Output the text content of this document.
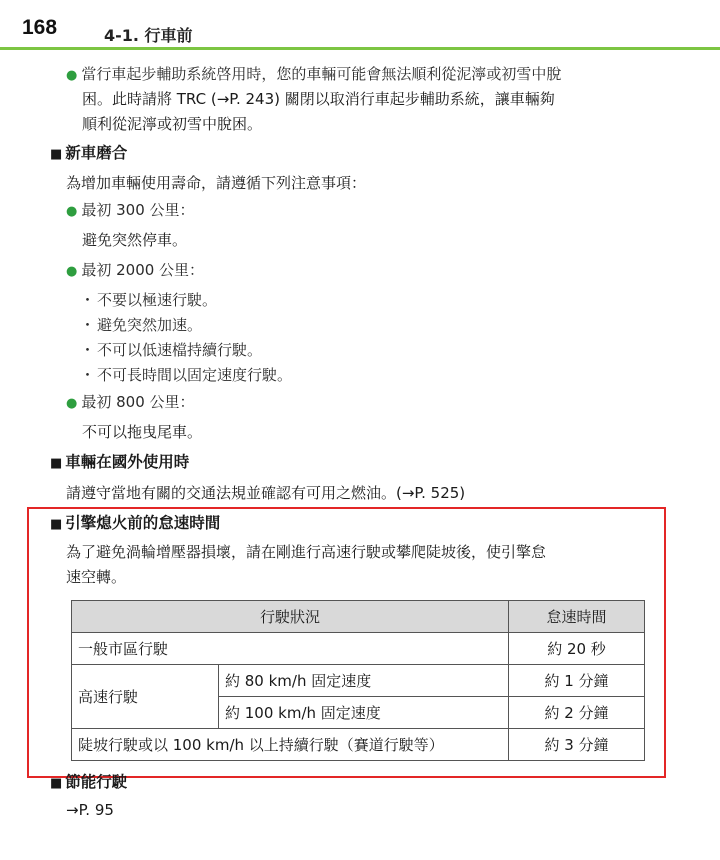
168	4-1. 行車前
● 當行車起步輔助系統啓用時，您的車輛可能會無法順利從泥濘或初雪中脫
困。此時請將 TRC (→P. 243) 關閉以取消行車起步輔助系統，讓車輛夠
順利從泥濘或初雪中脫困。
■ 新車磨合
為增加車輛使用壽命，請遵循下列注意事項：
● 最初 300 公里：
避免突然停車。
● 最初 2000 公里：
・ 不要以極速行駛。
・ 避免突然加速。
・ 不可以低速檔持續行駛。
・ 不可長時間以固定速度行駛。
● 最初 800 公里：
不可以拖曳尾車。
■ 車輛在國外使用時
請遵守當地有關的交通法規並確認有可用之燃油。(→P. 525)
■ 引擎熄火前的怠速時間
為了避免渦輪增壓器損壞，請在剛進行高速行駛或攀爬陡坡後，使引擎怠
速空轉。
行駛狀況		怠速時間
一般市區行駛		約 20 秒
高速行駛	約 80 km/h 固定速度	約 1 分鐘
	約 100 km/h 固定速度	約 2 分鐘
陡坡行駛或以 100 km/h 以上持續行駛（賽道行駛等）		約 3 分鐘
■ 節能行駛
→P. 95
